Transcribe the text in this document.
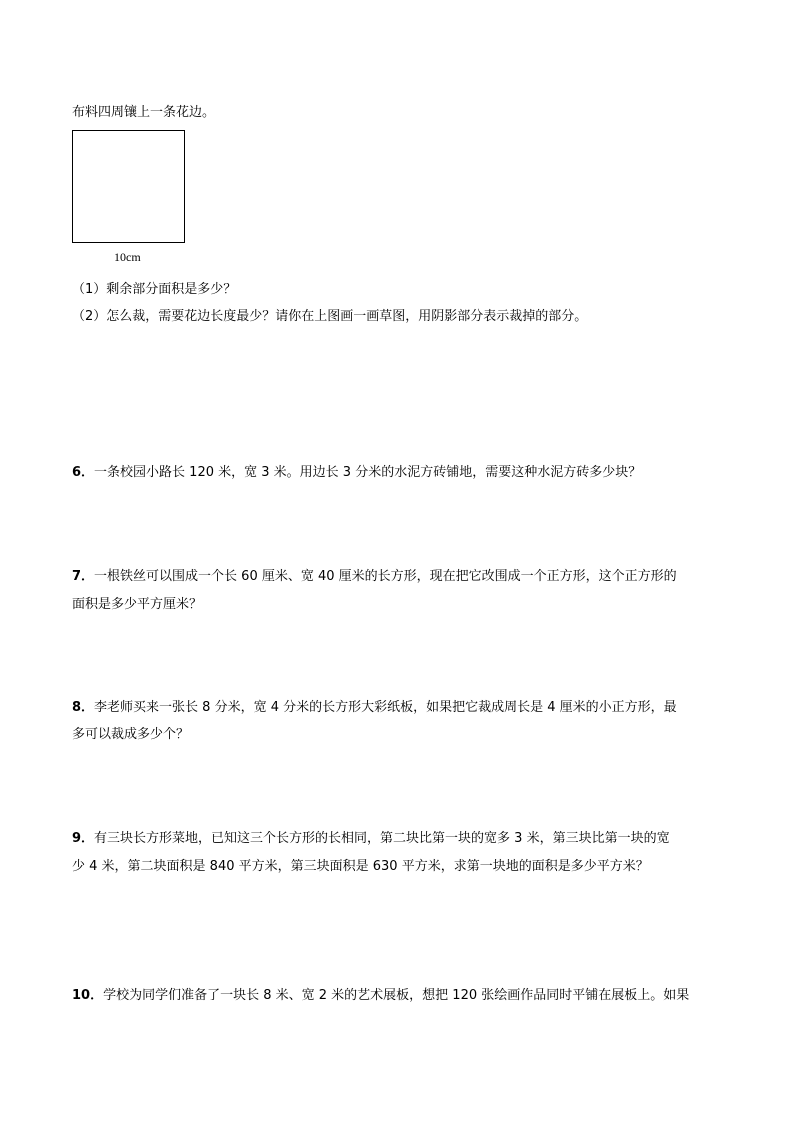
布料四周镶上一条花边。
10cm
（1）剩余部分面积是多少？
（2）怎么裁，需要花边长度最少？请你在上图画一画草图，用阴影部分表示裁掉的部分。
6．一条校园小路长 120 米，宽 3 米。用边长 3 分米的水泥方砖铺地，需要这种水泥方砖多少块？
7．一根铁丝可以围成一个长 60 厘米、宽 40 厘米的长方形，现在把它改围成一个正方形，这个正方形的
面积是多少平方厘米？
8．李老师买来一张长 8 分米，宽 4 分米的长方形大彩纸板，如果把它裁成周长是 4 厘米的小正方形，最
多可以裁成多少个？
9．有三块长方形菜地，已知这三个长方形的长相同，第二块比第一块的宽多 3 米，第三块比第一块的宽
少 4 米，第二块面积是 840 平方米，第三块面积是 630 平方米，求第一块地的面积是多少平方米？
10．学校为同学们准备了一块长 8 米、宽 2 米的艺术展板，想把 120 张绘画作品同时平铺在展板上。如果
